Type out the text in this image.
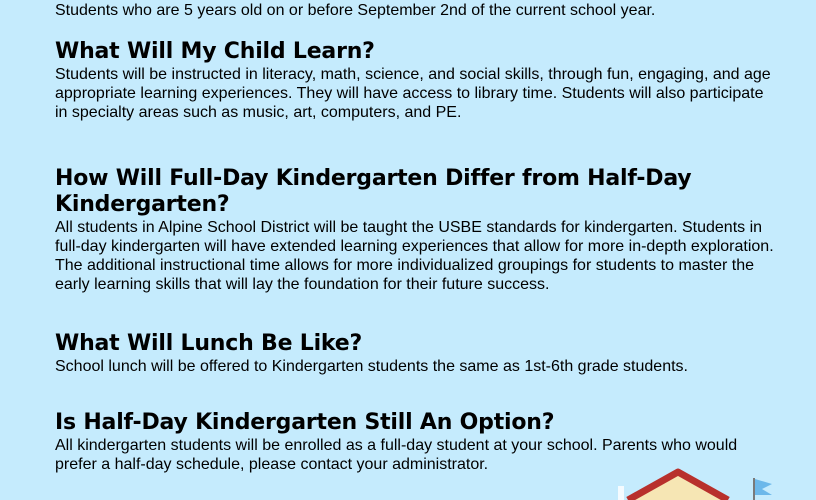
Students who are 5 years old on or before September 2nd of the current school year.

What Will My Child Learn?

Students will be instructed in literacy, math, science, and social skills, through fun, engaging, and age appropriate learning experiences. They will have access to library time. Students will also participate in specialty areas such as music, art, computers, and PE.

How Will Full-Day Kindergarten Differ from Half-Day Kindergarten?

All students in Alpine School District will be taught the USBE standards for kindergarten. Students in full-day kindergarten will have extended learning experiences that allow for more in-depth exploration. The additional instructional time allows for more individualized groupings for students to master the early learning skills that will lay the foundation for their future success.

What Will Lunch Be Like?

School lunch will be offered to Kindergarten students the same as 1st-6th grade students.

Is Half-Day Kindergarten Still An Option?

All kindergarten students will be enrolled as a full-day student at your school. Parents who would prefer a half-day schedule, please contact your administrator.
